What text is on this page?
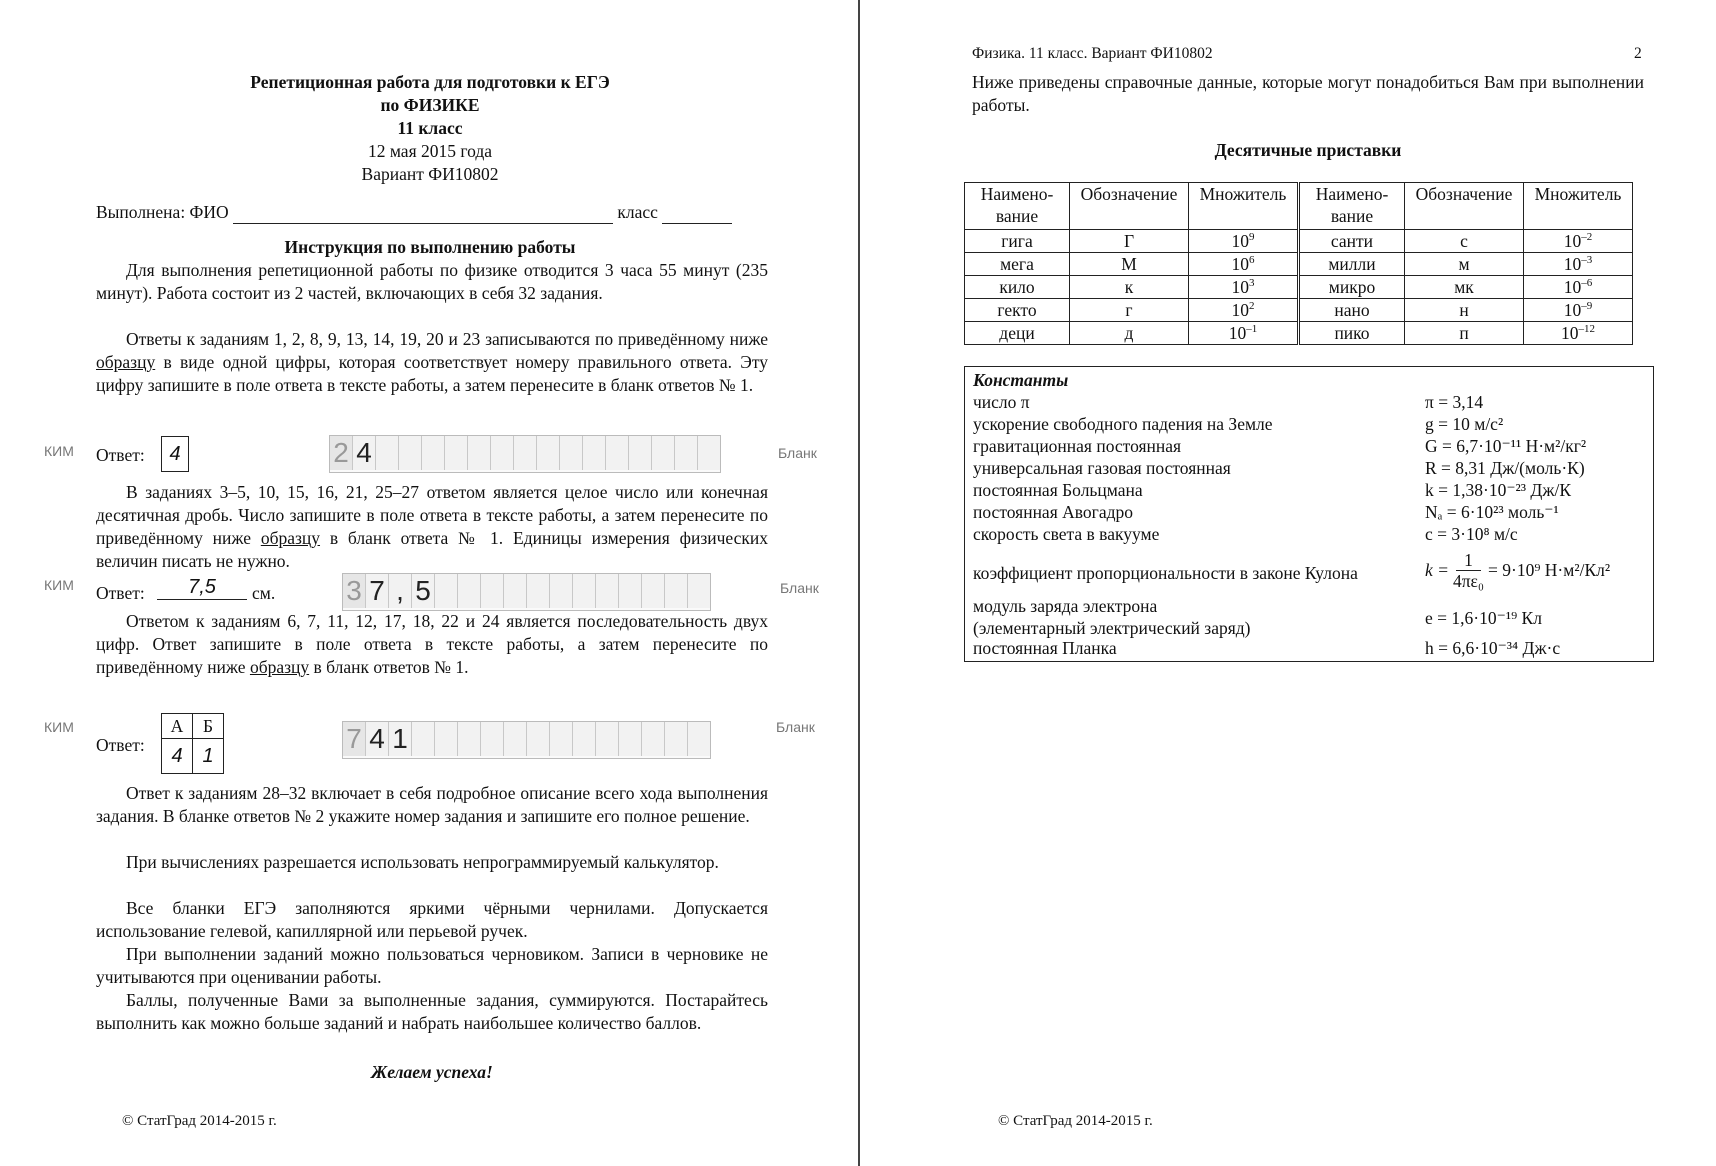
Репетиционная работа для подготовки к ЕГЭ
по ФИЗИКЕ
11 класс
12 мая 2015 года
Вариант ФИ10802
Выполнена: ФИО	класс
Инструкция по выполнению работы

Для выполнения репетиционной работы по физике отводится 3 часа 55 минут (235 минут). Работа состоит из 2 частей, включающих в себя 32 задания.

Ответы к заданиям 1, 2, 8, 9, 13, 14, 19, 20 и 23 записываются по приведённому ниже образцу в виде одной цифры, которая соответствует номеру правильного ответа. Эту цифру запишите в поле ответа в тексте работы, а затем перенесите в бланк ответов № 1.

КИМ Ответ:	4	2 4	Бланк

В заданиях 3–5, 10, 15, 16, 21, 25–27 ответом является целое число или конечная десятичная дробь. Число запишите в поле ответа в тексте работы, а затем перенесите по приведённому ниже образцу в бланк ответа № 1. Единицы измерения физических величин писать не нужно.

КИМ Ответ:	7,5	см.	3 7 , 5	Бланк

Ответом к заданиям 6, 7, 11, 12, 17, 18, 22 и 24 является последовательность двух цифр. Ответ запишите в поле ответа в тексте работы, а затем перенесите по приведённому ниже образцу в бланк ответов № 1.

КИМ
Ответ:
А	Б
4	1
7 4 1	Бланк

Ответ к заданиям 28–32 включает в себя подробное описание всего хода выполнения задания. В бланке ответов № 2 укажите номер задания и запишите его полное решение.

При вычислениях разрешается использовать непрограммируемый калькулятор.

Все бланки ЕГЭ заполняются яркими чёрными чернилами. Допускается использование гелевой, капиллярной или перьевой ручек.

При выполнении заданий можно пользоваться черновиком. Записи в черновике не учитываются при оценивании работы.

Баллы, полученные Вами за выполненные задания, суммируются. Постарайтесь выполнить как можно больше заданий и набрать наибольшее количество баллов.

Желаем успеха!
© СтатГрад 2014-2015 г.
Физика. 11 класс. Вариант ФИ10802	2
Ниже приведены справочные данные, которые могут понадобиться Вам при выполнении работы.
Десятичные приставки
Наимено-
вание	Обозначение	Множитель	Наимено-
вание	Обозначение	Множитель
гига	Г	$10^9$	санти	с	$10^{-2}$
мега	М	$10^6$	милли	м	$10^{-3}$
кило	к	$10^3$	микро	мк	$10^{-6}$
гекто	г	$10^2$	нано	н	$10^{-9}$
деци	д	$10^{-1}$	пико	п	$10^{-12}$
Константы
число π	π = 3,14
ускорение свободного падения на Земле	g = 10 м/с²
гравитационная постоянная	G = 6,7·10⁻¹¹ Н·м²/кг²
универсальная газовая постоянная	R = 8,31 Дж/(моль·К)
постоянная Больцмана	k = 1,38·10⁻²³ Дж/К
постоянная Авогадро	Nₐ = 6·10²³ моль⁻¹
скорость света в вакууме	c = 3·10⁸ м/с
коэффициент пропорциональности в законе Кулона	$k = \frac{1}{\text{4πε₀}} = 9\cdot 10^9$ Н·м²/Кл²
модуль заряда электрона
(элементарный электрический заряд)	e = 1,6·10⁻¹⁹ Кл
постоянная Планка	h = 6,6·10⁻³⁴ Дж·с
© СтатГрад 2014-2015 г.
